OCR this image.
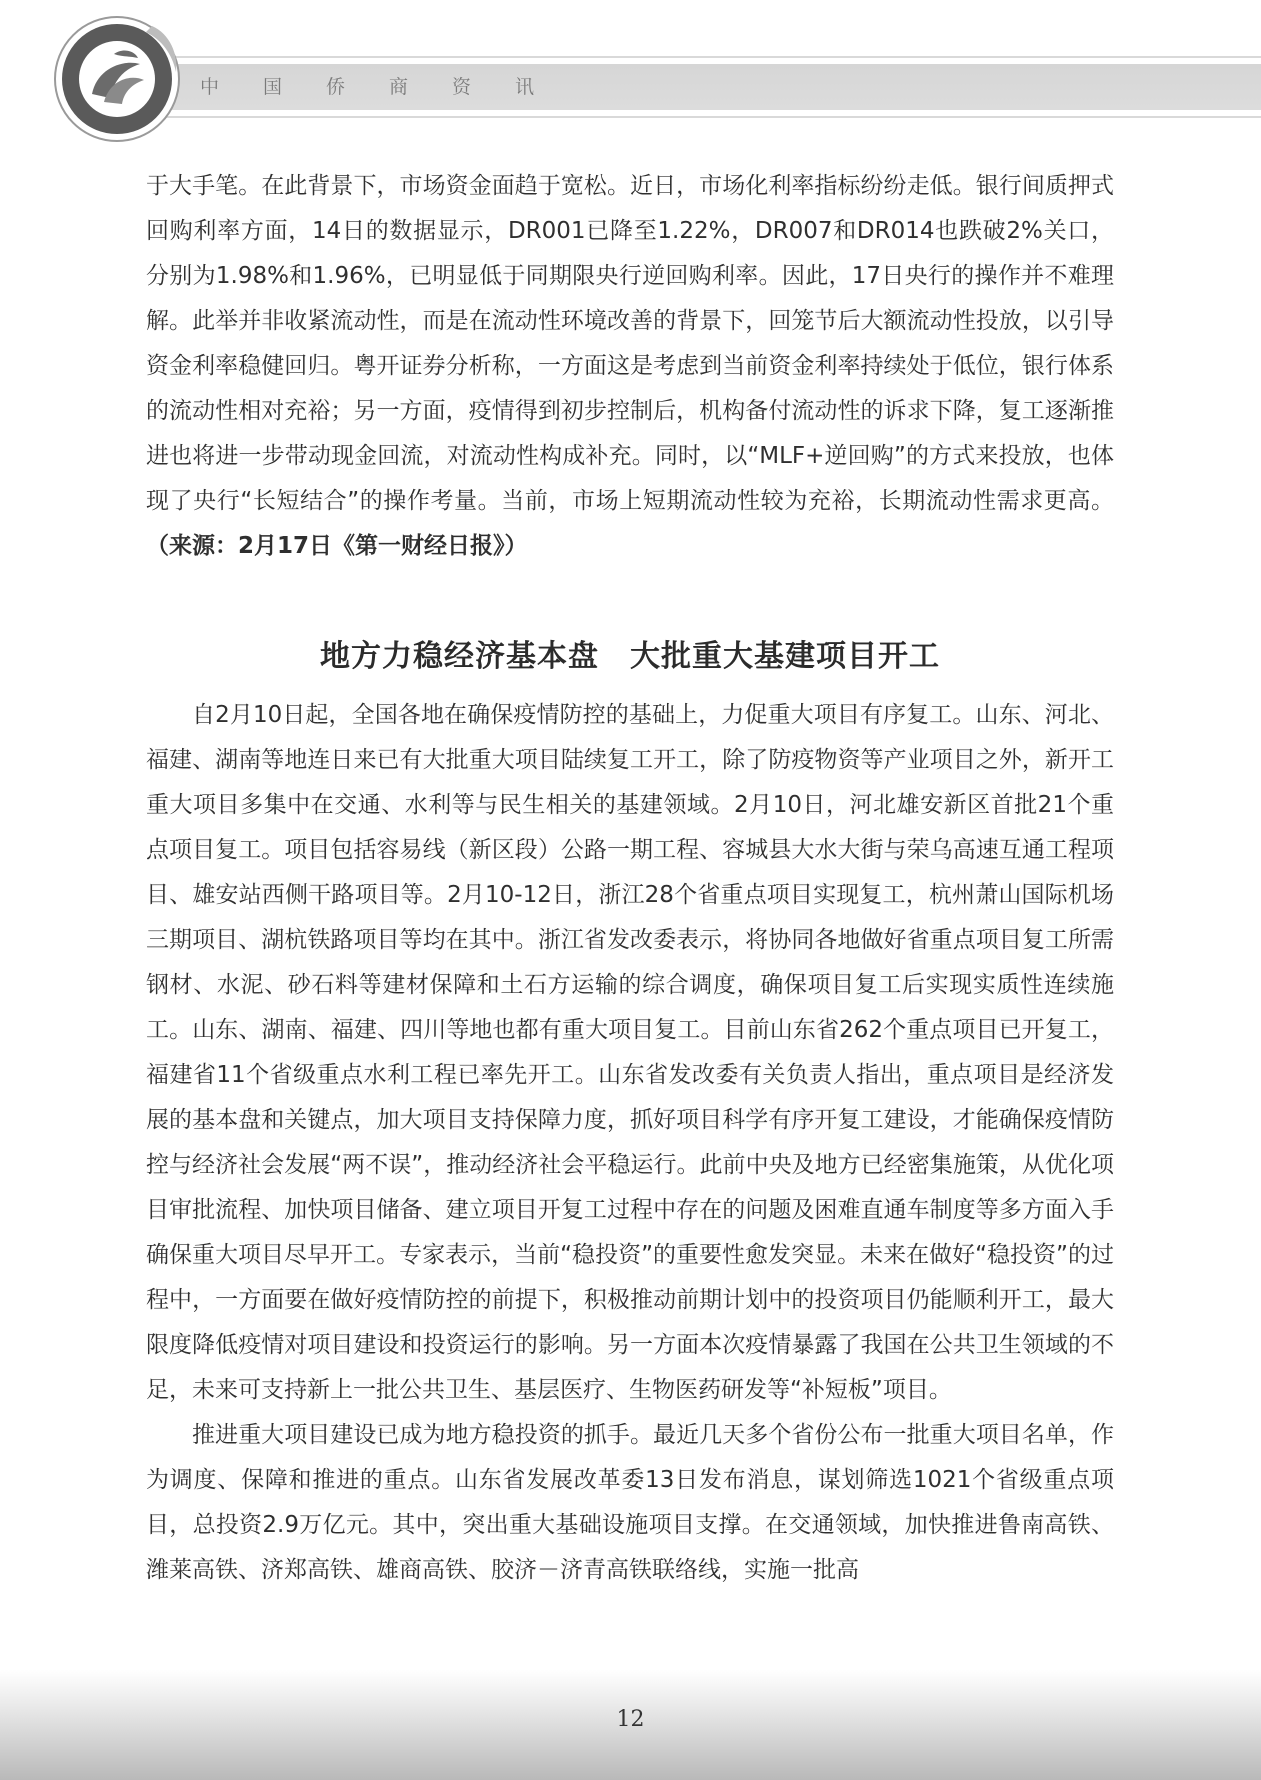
中国侨商资讯

于大手笔。在此背景下，市场资金面趋于宽松。近日，市场化利率指标纷纷走低。银行间质押式回购利率方面，14日的数据显示，DR001已降至1.22%，DR007和DR014也跌破2%关口，分别为1.98%和1.96%，已明显低于同期限央行逆回购利率。因此，17日央行的操作并不难理解。此举并非收紧流动性，而是在流动性环境改善的背景下，回笼节后大额流动性投放，以引导资金利率稳健回归。粤开证券分析称，一方面这是考虑到当前资金利率持续处于低位，银行体系的流动性相对充裕；另一方面，疫情得到初步控制后，机构备付流动性的诉求下降，复工逐渐推进也将进一步带动现金回流，对流动性构成补充。同时，以“MLF+逆回购”的方式来投放，也体现了央行“长短结合”的操作考量。当前，市场上短期流动性较为充裕，长期流动性需求更高。（来源：2月17日《第一财经日报》）

地方力稳经济基本盘　大批重大基建项目开工

自2月10日起，全国各地在确保疫情防控的基础上，力促重大项目有序复工。山东、河北、福建、湖南等地连日来已有大批重大项目陆续复工开工，除了防疫物资等产业项目之外，新开工重大项目多集中在交通、水利等与民生相关的基建领域。2月10日，河北雄安新区首批21个重点项目复工。项目包括容易线（新区段）公路一期工程、容城县大水大街与荣乌高速互通工程项目、雄安站西侧干路项目等。2月10-12日，浙江28个省重点项目实现复工，杭州萧山国际机场三期项目、湖杭铁路项目等均在其中。浙江省发改委表示，将协同各地做好省重点项目复工所需钢材、水泥、砂石料等建材保障和土石方运输的综合调度，确保项目复工后实现实质性连续施工。山东、湖南、福建、四川等地也都有重大项目复工。目前山东省262个重点项目已开复工，福建省11个省级重点水利工程已率先开工。山东省发改委有关负责人指出，重点项目是经济发展的基本盘和关键点，加大项目支持保障力度，抓好项目科学有序开复工建设，才能确保疫情防控与经济社会发展“两不误”，推动经济社会平稳运行。此前中央及地方已经密集施策，从优化项目审批流程、加快项目储备、建立项目开复工过程中存在的问题及困难直通车制度等多方面入手确保重大项目尽早开工。专家表示，当前“稳投资”的重要性愈发突显。未来在做好“稳投资”的过程中，一方面要在做好疫情防控的前提下，积极推动前期计划中的投资项目仍能顺利开工，最大限度降低疫情对项目建设和投资运行的影响。另一方面本次疫情暴露了我国在公共卫生领域的不足，未来可支持新上一批公共卫生、基层医疗、生物医药研发等“补短板”项目。

推进重大项目建设已成为地方稳投资的抓手。最近几天多个省份公布一批重大项目名单，作为调度、保障和推进的重点。山东省发展改革委13日发布消息，谋划筛选1021个省级重点项目，总投资2.9万亿元。其中，突出重大基础设施项目支撑。在交通领域，加快推进鲁南高铁、潍莱高铁、济郑高铁、雄商高铁、胶济－济青高铁联络线，实施一批高

12
